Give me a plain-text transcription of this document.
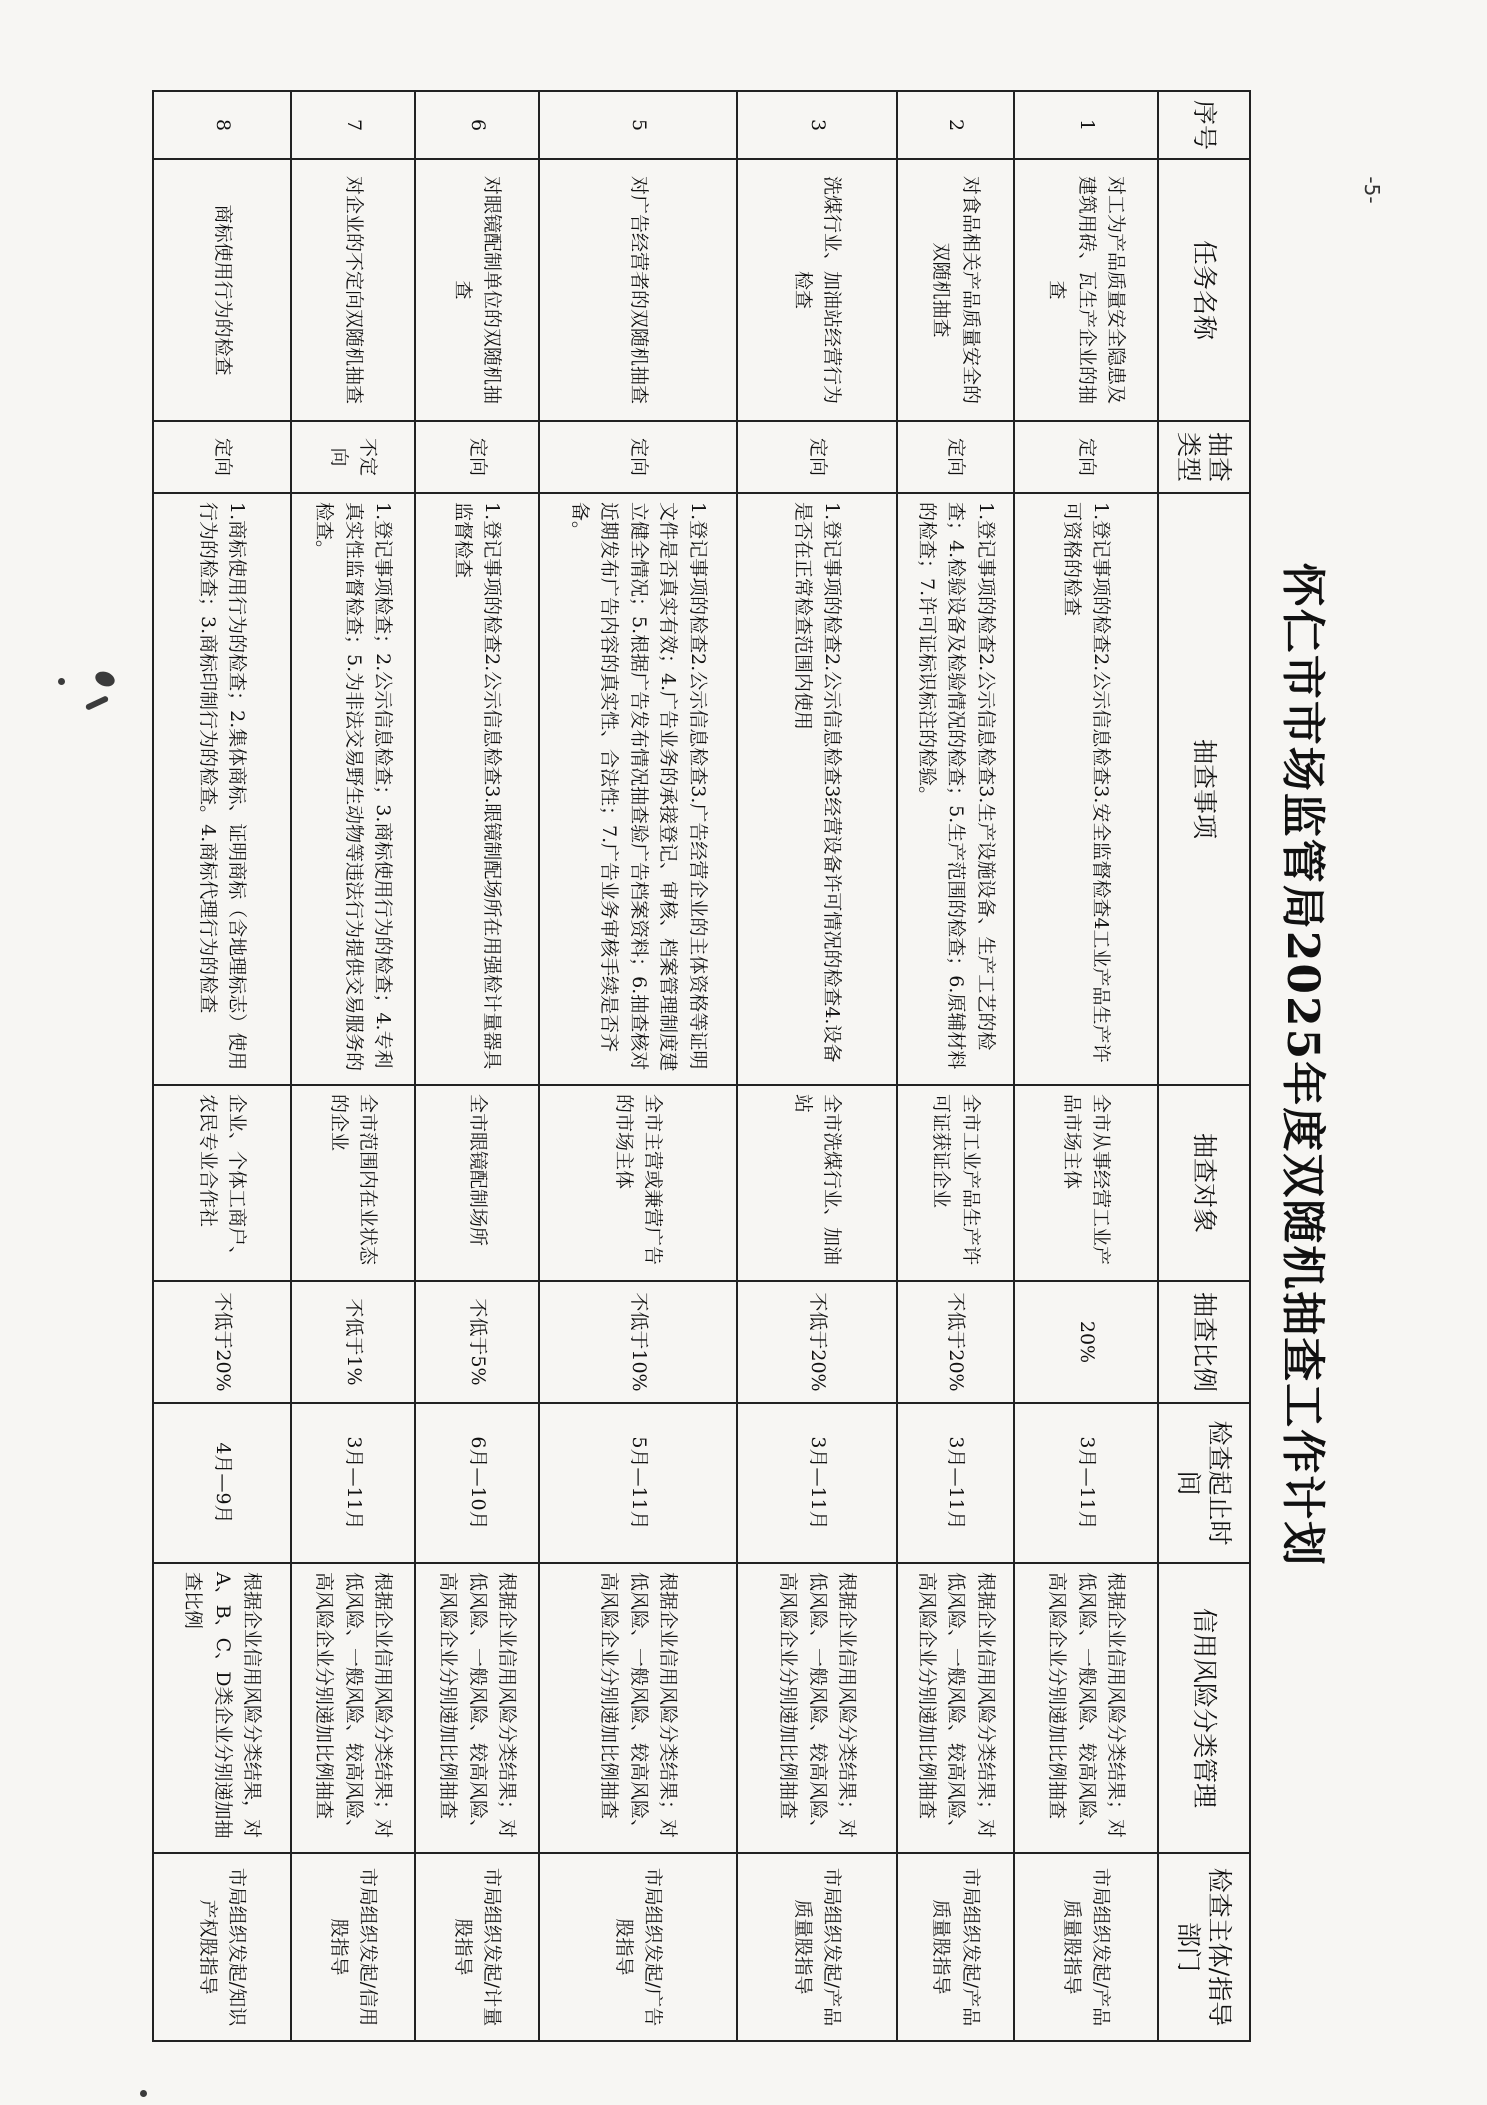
-5-
怀仁市市场监管局2025年度双随机抽查工作计划
序号	任务名称	抽查类型	抽查事项	抽查对象	抽查比例	检查起止时间	信用风险分类管理	检查主体/指导部门
1	对工为产品质量安全隐患及建筑用砖、瓦生产企业的抽查	定向	1.登记事项的检查2.公示信息检查3.安全监督检查4工业产品生产许可资格的检查	全市从事经营工业产品市场主体	20%	3月—11月	根据企业信用风险分类结果；对低风险、一般风险、较高风险、高风险企业分别递加比例抽查	市局组织发起/产品质量股指导
2	对食品相关产品质量安全的双随机抽查	定向	1.登记事项的检查2.公示信息检查3.生产设施设备、生产工艺的检查；4.检验设备及检验情况的检查；5.生产范围的检查；6.原辅材料的检查；7.许可证标识标注的检验。	全市工业产品生产许可证获证企业	不低于20%	3月—11月	根据企业信用风险分类结果；对低风险、一般风险、较高风险、高风险企业分别递加比例抽查	市局组织发起/产品质量股指导
3	洗煤行业、加油站经营行为检查	定向	1.登记事项的检查2.公示信息检查3经营设备许可情况的检查4.设备是否在正常检查范围内使用	全市洗煤行业、加油站	不低于20%	3月—11月	根据企业信用风险分类结果；对低风险、一般风险、较高风险、高风险企业分别递加比例抽查	市局组织发起/产品质量股指导
5	对广告经营者的双随机抽查	定向	1.登记事项的检查2.公示信息检查3.广告经营企业的主体资格等证明文件是否真实有效；4.广告业务的承接登记、审核、档案管理制度建立健全情况；5.根据广告发布情况抽查验广告档案资料；6.抽查核对近期发布广告内容的真实性、合法性；7.广告业务审核手续是否齐备。	全市主营或兼营广告的市场主体	不低于10%	5月—11月	根据企业信用风险分类结果；对低风险、一般风险、较高风险、高风险企业分别递加比例抽查	市局组织发起/广告股指导
6	对眼镜配制单位的双随机抽查	定向	1.登记事项的检查2.公示信息检查3.眼镜制配场所在用强检计量器具监督检查	全市眼镜配制场所	不低于5%	6月—10月	根据企业信用风险分类结果；对低风险、一般风险、较高风险、高风险企业分别递加比例抽查	市局组织发起/计量股指导
7	对企业的不定向双随机抽查	不定向	1.登记事项检查；2.公示信息检查；3.商标使用行为的检查；4.专利真实性监督检查；5.为非法交易野生动物等违法行为提供交易服务的检查。	全市范围内在业状态的企业	不低于1%	3月—11月	根据企业信用风险分类结果；对低风险、一般风险、较高风险、高风险企业分别递加比例抽查	市局组织发起/信用股指导
8	商标使用行为的检查	定向	1.商标使用行为的检查；2.集体商标、证明商标（含地理标志）使用行为的检查；3.商标印制行为的检查。4.商标代理行为的检查	企业、个体工商户、农民专业合作社	不低于20%	4月—9月	根据企业信用风险分类结果，对A、B、C、D类企业分别递加抽查比例	市局组织发起/知识产权股指导
